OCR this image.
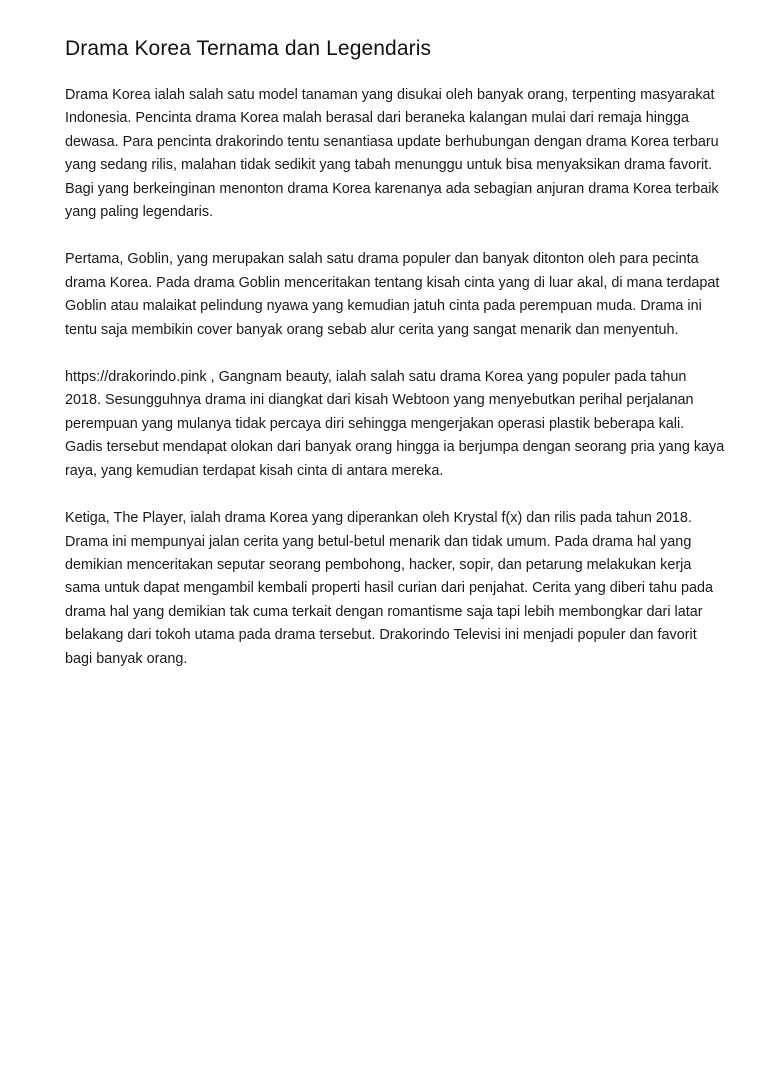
Drama Korea Ternama dan Legendaris

Drama Korea ialah salah satu model tanaman yang disukai oleh banyak orang, terpenting masyarakat Indonesia. Pencinta drama Korea malah berasal dari beraneka kalangan mulai dari remaja hingga dewasa. Para pencinta drakorindo tentu senantiasa update berhubungan dengan drama Korea terbaru yang sedang rilis, malahan tidak sedikit yang tabah menunggu untuk bisa menyaksikan drama favorit. Bagi yang berkeinginan menonton drama Korea karenanya ada sebagian anjuran drama Korea terbaik yang paling legendaris.

Pertama, Goblin, yang merupakan salah satu drama populer dan banyak ditonton oleh para pecinta drama Korea. Pada drama Goblin menceritakan tentang kisah cinta yang di luar akal, di mana terdapat Goblin atau malaikat pelindung nyawa yang kemudian jatuh cinta pada perempuan muda. Drama ini tentu saja membikin cover banyak orang sebab alur cerita yang sangat menarik dan menyentuh.

https://drakorindo.pink , Gangnam beauty, ialah salah satu drama Korea yang populer pada tahun 2018. Sesungguhnya drama ini diangkat dari kisah Webtoon yang menyebutkan perihal perjalanan perempuan yang mulanya tidak percaya diri sehingga mengerjakan operasi plastik beberapa kali. Gadis tersebut mendapat olokan dari banyak orang hingga ia berjumpa dengan seorang pria yang kaya raya, yang kemudian terdapat kisah cinta di antara mereka.

Ketiga, The Player, ialah drama Korea yang diperankan oleh Krystal f(x) dan rilis pada tahun 2018. Drama ini mempunyai jalan cerita yang betul-betul menarik dan tidak umum. Pada drama hal yang demikian menceritakan seputar seorang pembohong, hacker, sopir, dan petarung melakukan kerja sama untuk dapat mengambil kembali properti hasil curian dari penjahat. Cerita yang diberi tahu pada drama hal yang demikian tak cuma terkait dengan romantisme saja tapi lebih membongkar dari latar belakang dari tokoh utama pada drama tersebut. Drakorindo Televisi ini menjadi populer dan favorit bagi banyak orang.
